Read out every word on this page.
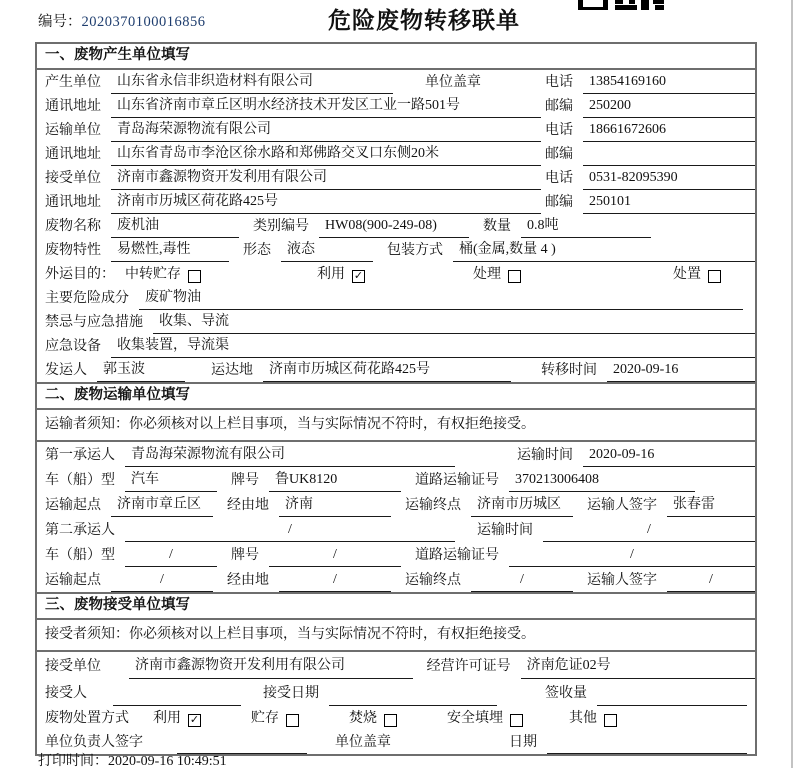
编号：2020370100016856	危险废物转移联单
一、废物产生单位填写
产生单位	山东省永信非织造材料有限公司	单位盖章	电话	13854169160
通讯地址	山东省济南市章丘区明水经济技术开发区工业一路501号	邮编	250200
运输单位	青岛海荣源物流有限公司	电话	18661672606
通讯地址	山东省青岛市李沧区徐水路和郑佛路交叉口东侧20米	邮编
接受单位	济南市鑫源物资开发利用有限公司	电话	0531-82095390
通讯地址	济南市历城区荷花路425号	邮编	250101
废物名称	废机油	类别编号	HW08(900-249-08)	数量	0.8吨
废物特性	易燃性,毒性	形态	液态	包装方式	桶(金属,数量 4 )
外运目的： 中转贮存	利用 ✓	处理	处置
主要危险成分	废矿物油
禁忌与应急措施	收集、导流
应急设备	收集装置，导流渠
发运人	郭玉波	运达地	济南市历城区荷花路425号	转移时间	2020-09-16
二、废物运输单位填写
运输者须知：你必须核对以上栏目事项，当与实际情况不符时，有权拒绝接受。
第一承运人	青岛海荣源物流有限公司	运输时间	2020-09-16
车（船）型	汽车	牌号	鲁UK8120	道路运输证号	370213006408
运输起点	济南市章丘区	经由地	济南	运输终点	济南市历城区	运输人签字	张春雷
第二承运人	/	运输时间	/
车（船）型	/	牌号	/	道路运输证号	/
运输起点	/	经由地	/	运输终点	/	运输人签字	/
三、废物接受单位填写
接受者须知：你必须核对以上栏目事项，当与实际情况不符时，有权拒绝接受。
接受单位	济南市鑫源物资开发利用有限公司	经营许可证号	济南危证02号
接受人	接受日期	签收量
废物处置方式 利用 ✓	贮存	焚烧	安全填埋	其他
单位负责人签字	单位盖章	日期
打印时间：2020-09-16 10:49:51
